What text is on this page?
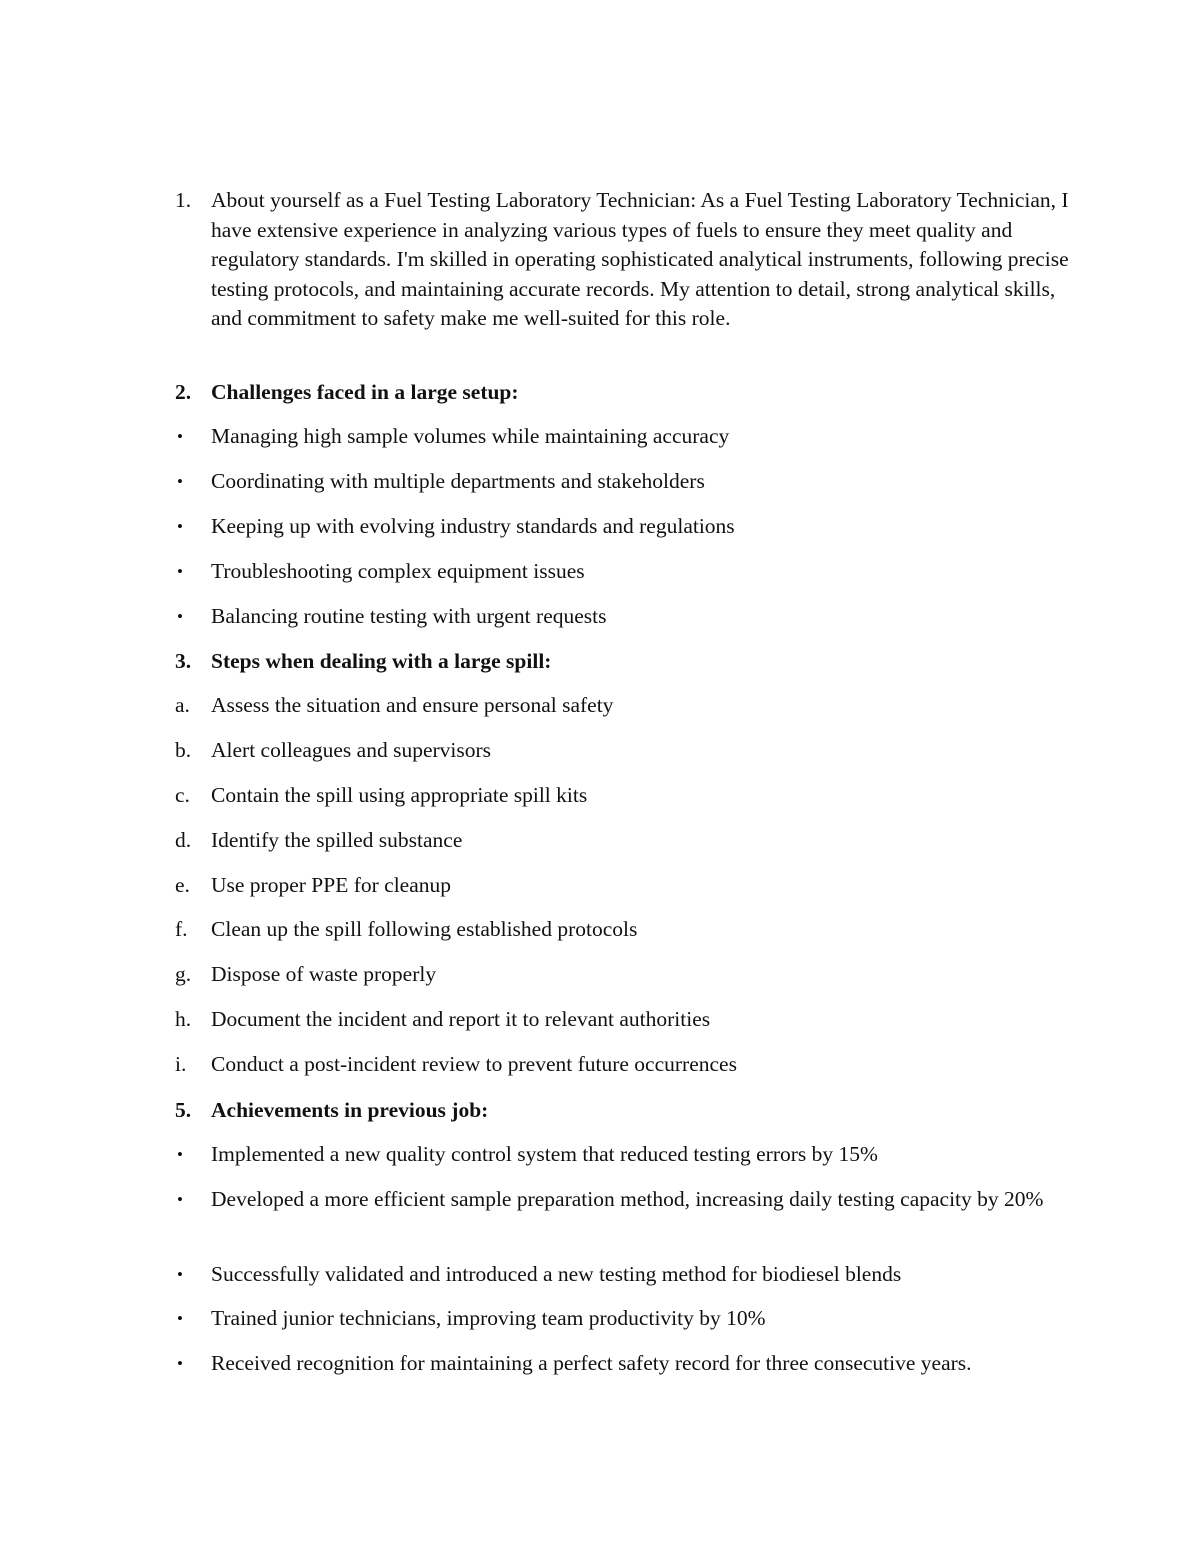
1. About yourself as a Fuel Testing Laboratory Technician: As a Fuel Testing Laboratory Technician, I have extensive experience in analyzing various types of fuels to ensure they meet quality and regulatory standards. I'm skilled in operating sophisticated analytical instruments, following precise testing protocols, and maintaining accurate records. My attention to detail, strong analytical skills, and commitment to safety make me well-suited for this role.
2. Challenges faced in a large setup:
• Managing high sample volumes while maintaining accuracy
• Coordinating with multiple departments and stakeholders
• Keeping up with evolving industry standards and regulations
• Troubleshooting complex equipment issues
• Balancing routine testing with urgent requests
3. Steps when dealing with a large spill:
a. Assess the situation and ensure personal safety
b. Alert colleagues and supervisors
c. Contain the spill using appropriate spill kits
d. Identify the spilled substance
e. Use proper PPE for cleanup
f. Clean up the spill following established protocols
g. Dispose of waste properly
h. Document the incident and report it to relevant authorities
i. Conduct a post-incident review to prevent future occurrences
5. Achievements in previous job:
• Implemented a new quality control system that reduced testing errors by 15%
• Developed a more efficient sample preparation method, increasing daily testing capacity by 20%
• Successfully validated and introduced a new testing method for biodiesel blends
• Trained junior technicians, improving team productivity by 10%
• Received recognition for maintaining a perfect safety record for three consecutive years.
